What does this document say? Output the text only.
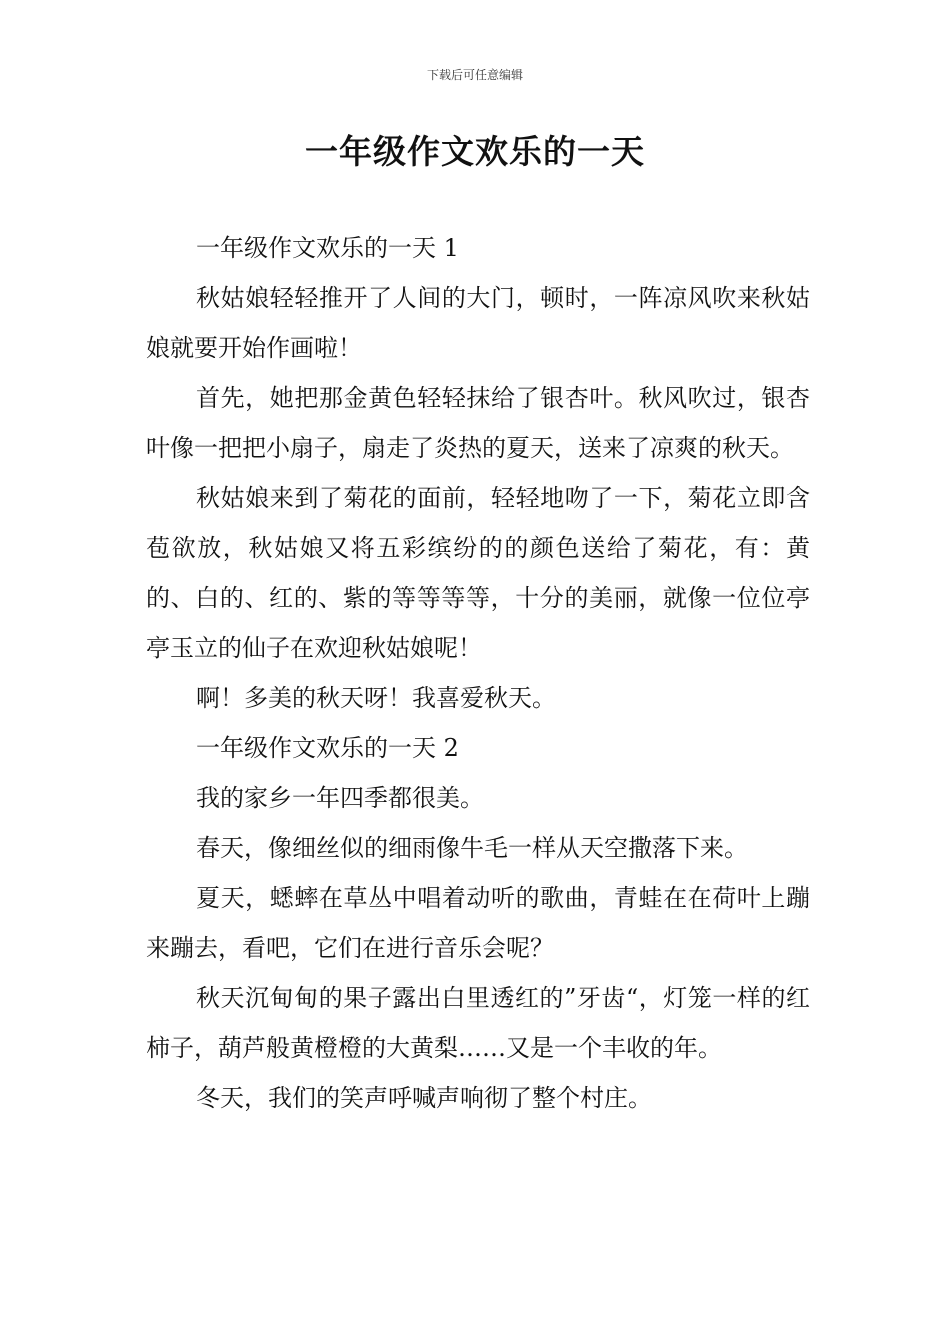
下载后可任意编辑
一年级作文欢乐的一天

一年级作文欢乐的一天 1

秋姑娘轻轻推开了人间的大门，顿时，一阵凉风吹来秋姑娘就要开始作画啦！

首先，她把那金黄色轻轻抹给了银杏叶。秋风吹过，银杏叶像一把把小扇子，扇走了炎热的夏天，送来了凉爽的秋天。

秋姑娘来到了菊花的面前，轻轻地吻了一下，菊花立即含苞欲放，秋姑娘又将五彩缤纷的的颜色送给了菊花，有：黄的、白的、红的、紫的等等等等，十分的美丽，就像一位位亭亭玉立的仙子在欢迎秋姑娘呢！

啊！多美的秋天呀！我喜爱秋天。

一年级作文欢乐的一天 2

我的家乡一年四季都很美。

春天，像细丝似的细雨像牛毛一样从天空撒落下来。

夏天，蟋蟀在草丛中唱着动听的歌曲，青蛙在在荷叶上蹦来蹦去，看吧，它们在进行音乐会呢？

秋天沉甸甸的果子露出白里透红的”牙齿“，灯笼一样的红柿子，葫芦般黄橙橙的大黄梨……又是一个丰收的年。

冬天，我们的笑声呼喊声响彻了整个村庄。
